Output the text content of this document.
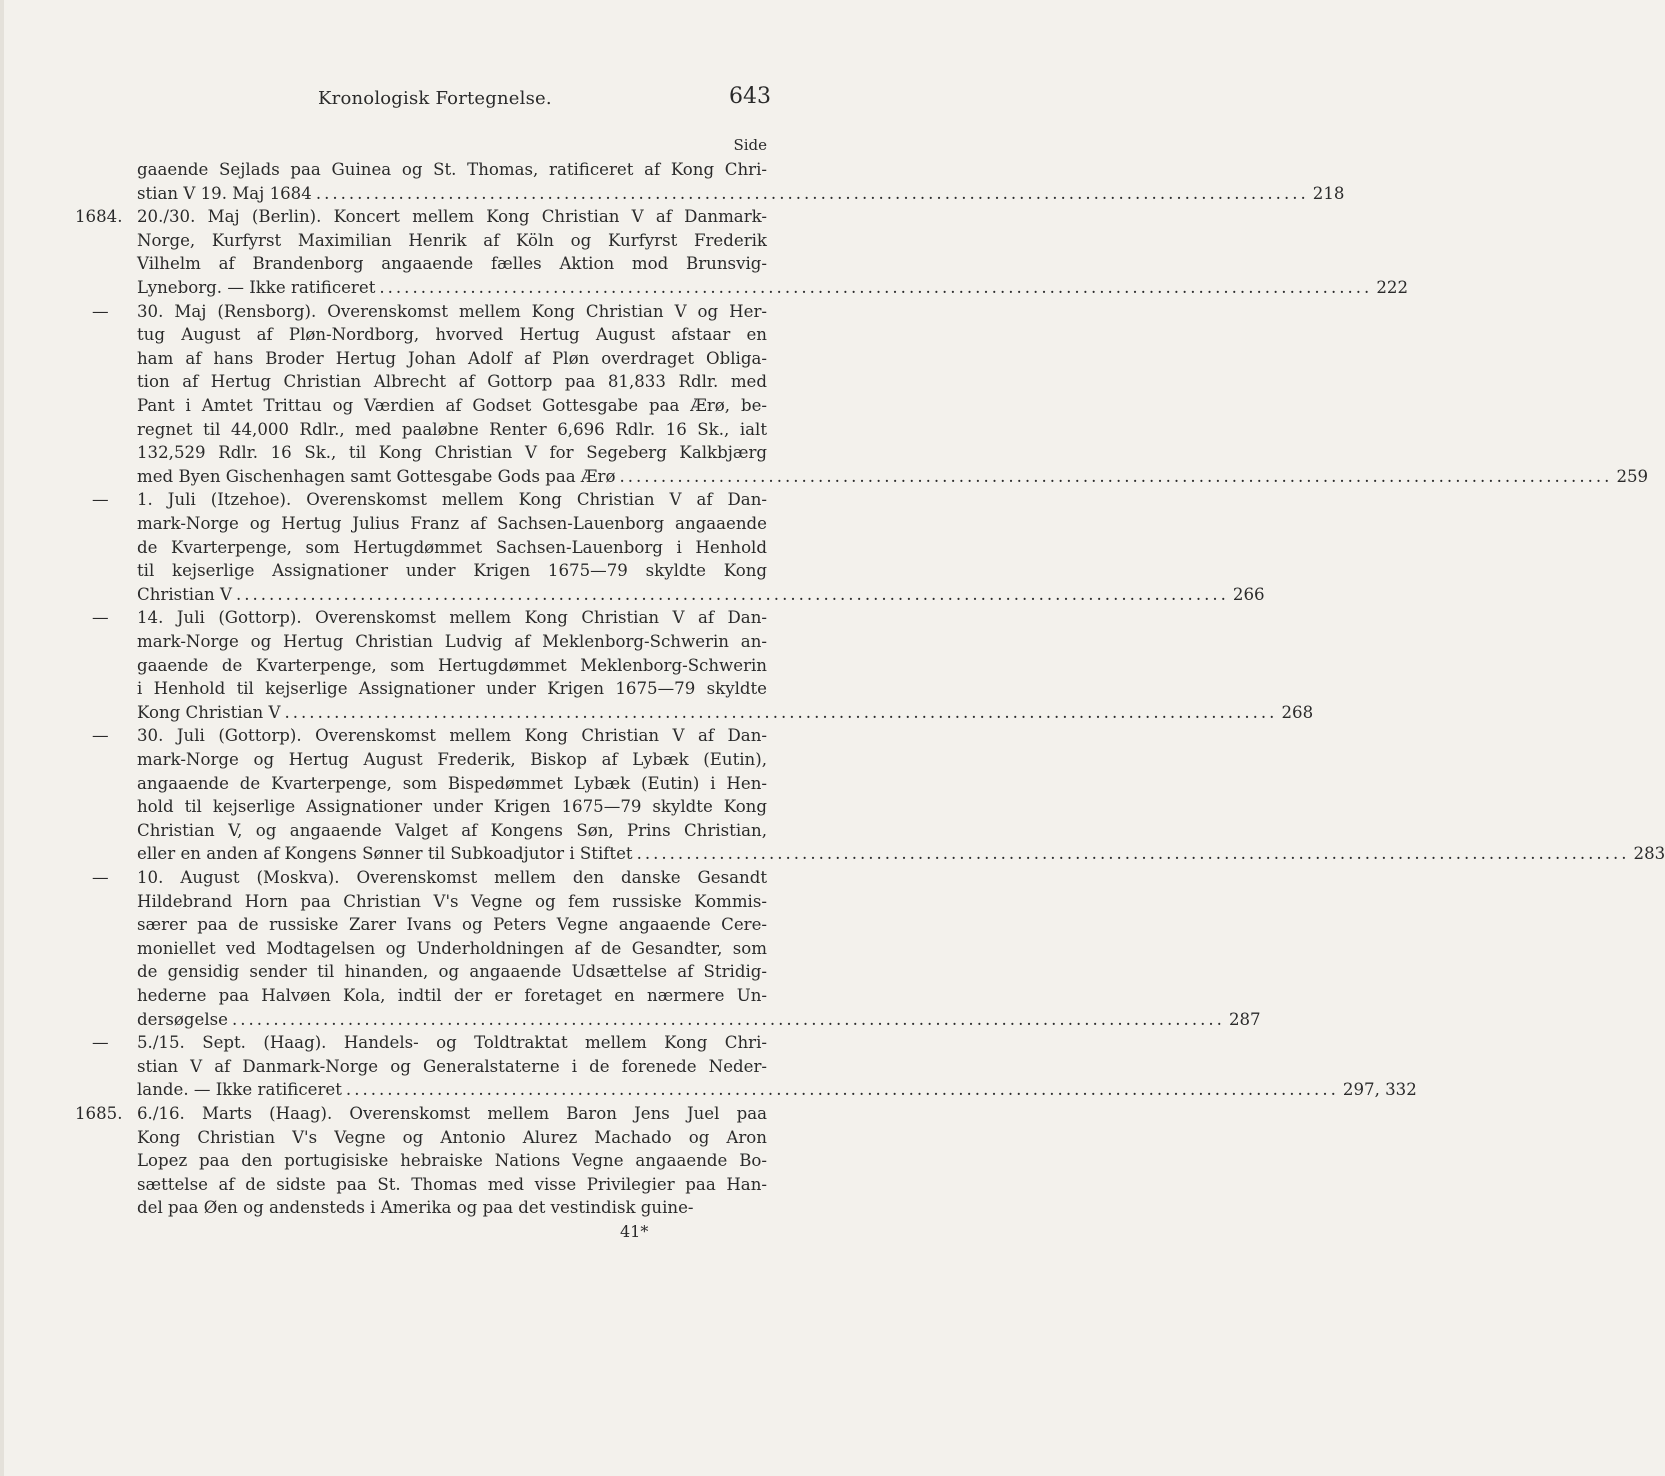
Kronologisk Fortegnelse.	643
Side
gaaende Sejlads paa Guinea og St. Thomas, ratificeret af Kong Chri-
stian V 19. Maj 1684 ........................................................................................................................ 218
1684. 20./30. Maj (Berlin). Koncert mellem Kong Christian V af Danmark-
Norge, Kurfyrst Maximilian Henrik af Köln og Kurfyrst Frederik
Vilhelm af Brandenborg angaaende fælles Aktion mod Brunsvig-
Lyneborg. — Ikke ratificeret ........................................................................................................................ 222
—	30. Maj (Rensborg). Overenskomst mellem Kong Christian V og Her-
tug August af Pløn-Nordborg, hvorved Hertug August afstaar en
ham af hans Broder Hertug Johan Adolf af Pløn overdraget Obliga-
tion af Hertug Christian Albrecht af Gottorp paa 81,833 Rdlr. med
Pant i Amtet Trittau og Værdien af Godset Gottesgabe paa Ærø, be-
regnet til 44,000 Rdlr., med paaløbne Renter 6,696 Rdlr. 16 Sk., ialt
132,529 Rdlr. 16 Sk., til Kong Christian V for Segeberg Kalkbjærg
med Byen Gischenhagen samt Gottesgabe Gods paa Ærø ........................................................................................................................ 259
—	1. Juli (Itzehoe). Overenskomst mellem Kong Christian V af Dan-
mark-Norge og Hertug Julius Franz af Sachsen-Lauenborg angaaende
de Kvarterpenge, som Hertugdømmet Sachsen-Lauenborg i Henhold
til kejserlige Assignationer under Krigen 1675—79 skyldte Kong
Christian V ........................................................................................................................ 266
—	14. Juli (Gottorp). Overenskomst mellem Kong Christian V af Dan-
mark-Norge og Hertug Christian Ludvig af Meklenborg-Schwerin an-
gaaende de Kvarterpenge, som Hertugdømmet Meklenborg-Schwerin
i Henhold til kejserlige Assignationer under Krigen 1675—79 skyldte
Kong Christian V ........................................................................................................................ 268
—	30. Juli (Gottorp). Overenskomst mellem Kong Christian V af Dan-
mark-Norge og Hertug August Frederik, Biskop af Lybæk (Eutin),
angaaende de Kvarterpenge, som Bispedømmet Lybæk (Eutin) i Hen-
hold til kejserlige Assignationer under Krigen 1675—79 skyldte Kong
Christian V, og angaaende Valget af Kongens Søn, Prins Christian,
eller en anden af Kongens Sønner til Subkoadjutor i Stiftet ........................................................................................................................ 283
—	10. August (Moskva). Overenskomst mellem den danske Gesandt
Hildebrand Horn paa Christian V's Vegne og fem russiske Kommis-
særer paa de russiske Zarer Ivans og Peters Vegne angaaende Cere-
moniellet ved Modtagelsen og Underholdningen af de Gesandter, som
de gensidig sender til hinanden, og angaaende Udsættelse af Stridig-
hederne paa Halvøen Kola, indtil der er foretaget en nærmere Un-
dersøgelse ........................................................................................................................ 287
—	5./15. Sept. (Haag). Handels- og Toldtraktat mellem Kong Chri-
stian V af Danmark-Norge og Generalstaterne i de forenede Neder-
lande. — Ikke ratificeret ........................................................................................................................ 297, 332
1685. 6./16. Marts (Haag). Overenskomst mellem Baron Jens Juel paa
Kong Christian V's Vegne og Antonio Alurez Machado og Aron
Lopez paa den portugisiske hebraiske Nations Vegne angaaende Bo-
sættelse af de sidste paa St. Thomas med visse Privilegier paa Han-
del paa Øen og andensteds i Amerika og paa det vestindisk guine-
41*
